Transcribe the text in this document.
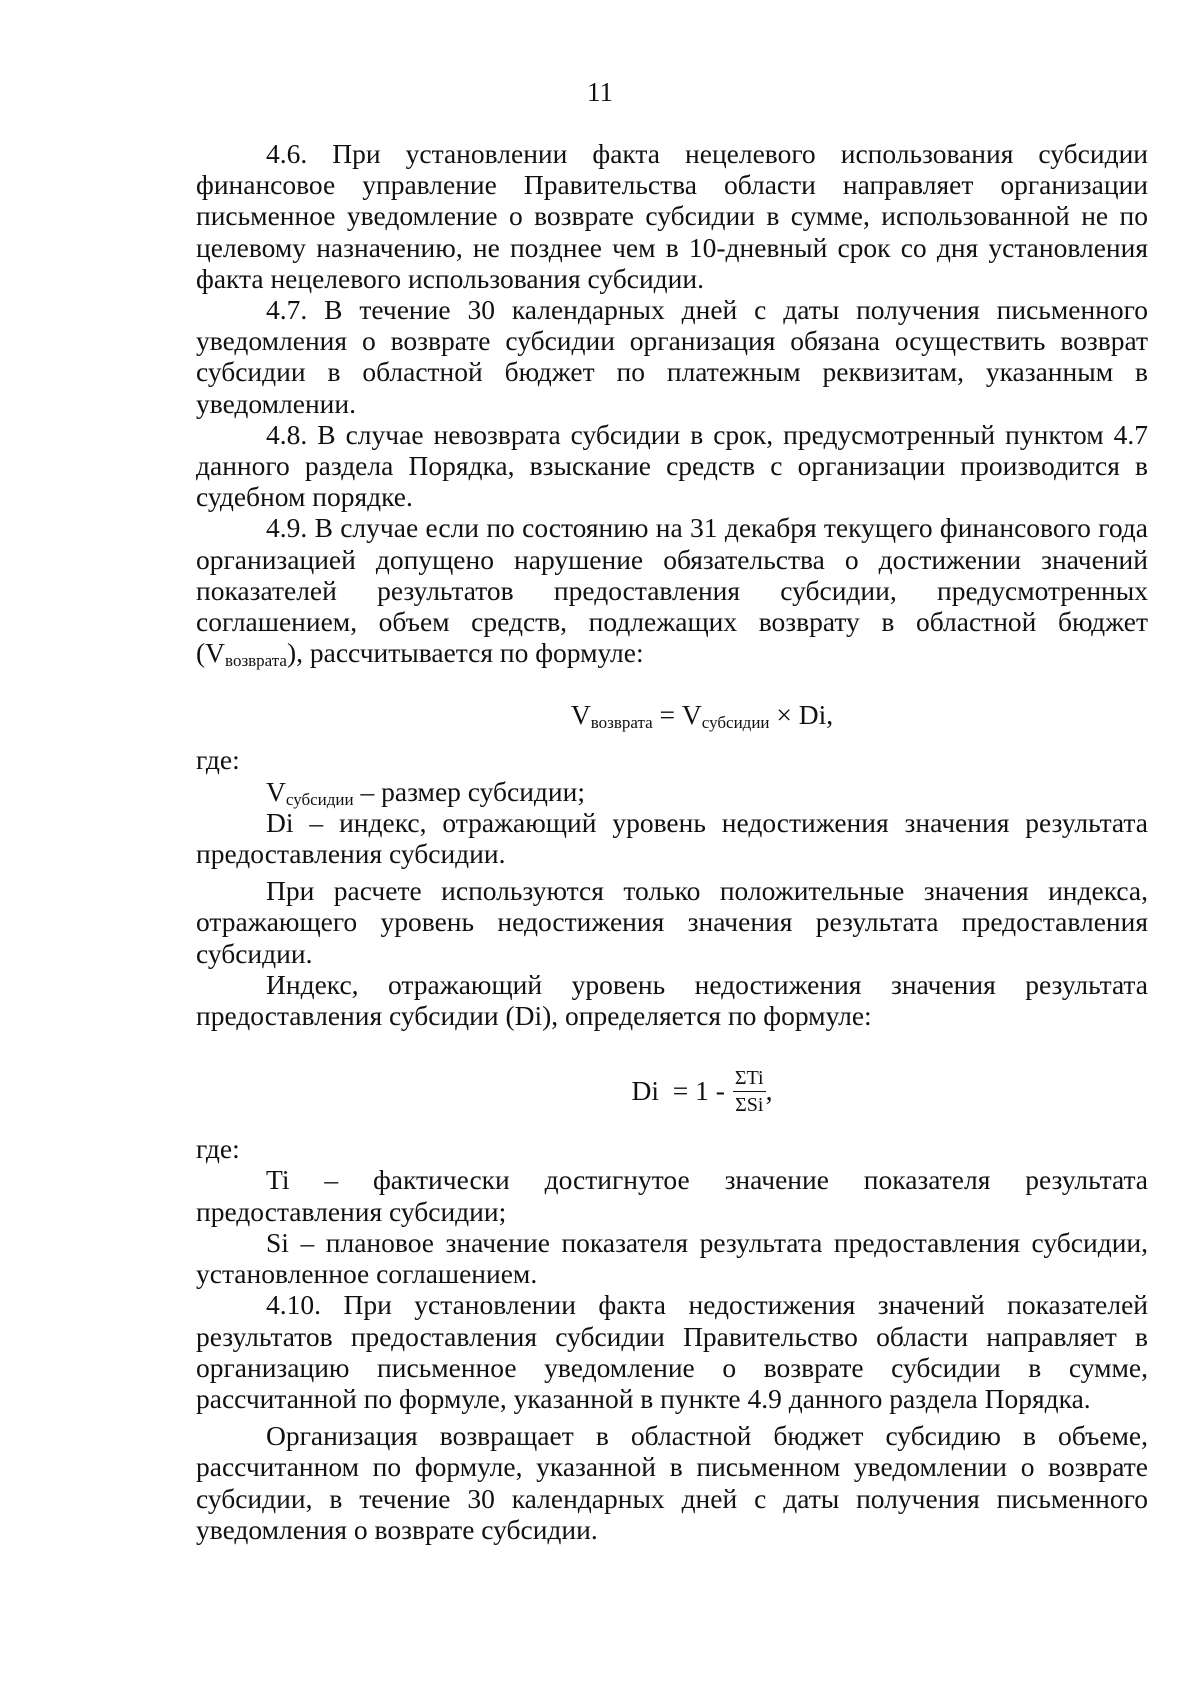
11

4.6. При установлении факта нецелевого использования субсидии финансовое управление Правительства области направляет организации письменное уведомление о возврате субсидии в сумме, использованной не по целевому назначению, не позднее чем в 10-дневный срок со дня установления факта нецелевого использования субсидии.

4.7. В течение 30 календарных дней с даты получения письменного уведомления о возврате субсидии организация обязана осуществить возврат субсидии в областной бюджет по платежным реквизитам, указанным в уведомлении.

4.8. В случае невозврата субсидии в срок, предусмотренный пунктом 4.7 данного раздела Порядка, взыскание средств с организации производится в судебном порядке.

4.9. В случае если по состоянию на 31 декабря текущего финансового года организацией допущено нарушение обязательства о достижении значений показателей результатов предоставления субсидии, предусмотренных соглашением, объем средств, подлежащих возврату в областной бюджет $(V_{возврата})$, рассчитывается по формуле:

$V_{возврата} = V_{субсидии} \times Di$,

где:

$V_{субсидии}$ – размер субсидии;

Di – индекс, отражающий уровень недостижения значения результата предоставления субсидии.

При расчете используются только положительные значения индекса, отражающего уровень недостижения значения результата предоставления субсидии.

Индекс, отражающий уровень недостижения значения результата предоставления субсидии (Di), определяется по формуле:

$Di = 1 - \frac{\text{ΣTi}}{\text{ΣSi}}$ ,

где:

Ti – фактически достигнутое значение показателя результата предоставления субсидии;

Si – плановое значение показателя результата предоставления субсидии, установленное соглашением.

4.10. При установлении факта недостижения значений показателей результатов предоставления субсидии Правительство области направляет в организацию письменное уведомление о возврате субсидии в сумме, рассчитанной по формуле, указанной в пункте 4.9 данного раздела Порядка.

Организация возвращает в областной бюджет субсидию в объеме, рассчитанном по формуле, указанной в письменном уведомлении о возврате субсидии, в течение 30 календарных дней с даты получения письменного уведомления о возврате субсидии.
